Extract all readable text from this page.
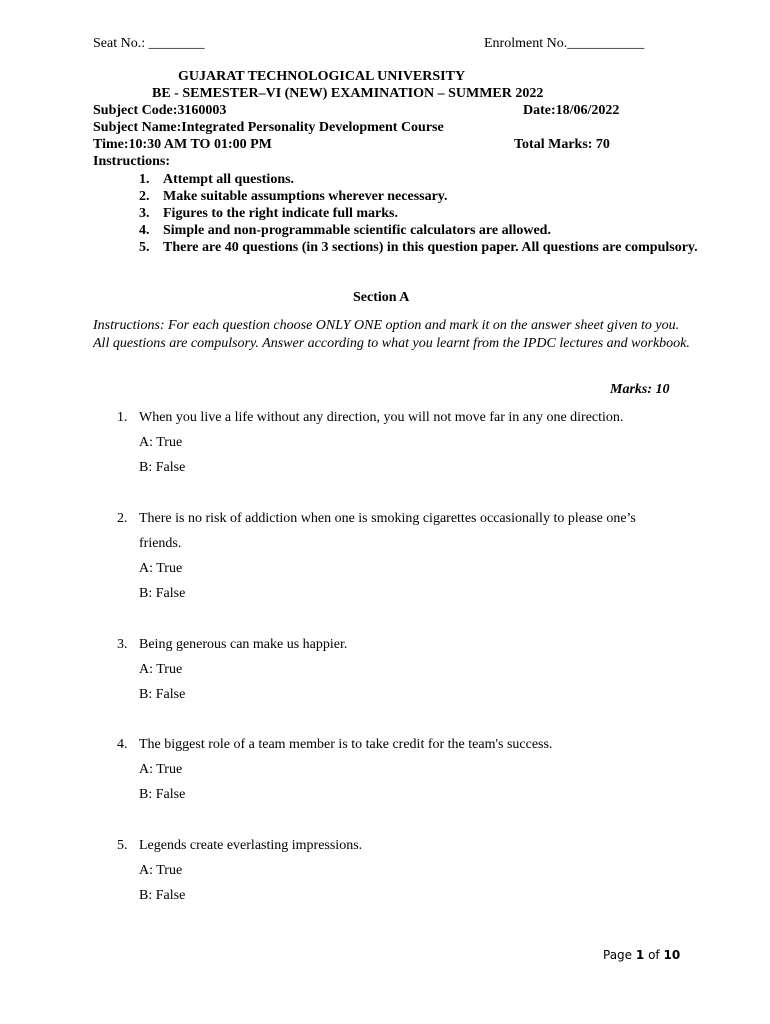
Seat No.: ________	Enrolment No.___________
GUJARAT TECHNOLOGICAL UNIVERSITY
BE - SEMESTER–VI (NEW) EXAMINATION – SUMMER 2022
Subject Code:3160003	Date:18/06/2022
Subject Name:Integrated Personality Development Course
Time:10:30 AM TO 01:00 PM	Total Marks: 70
Instructions:
1. Attempt all questions.
2. Make suitable assumptions wherever necessary.
3. Figures to the right indicate full marks.
4. Simple and non-programmable scientific calculators are allowed.
5. There are 40 questions (in 3 sections) in this question paper. All questions are compulsory.
Section A
Instructions: For each question choose ONLY ONE option and mark it on the answer sheet given to you. All questions are compulsory. Answer according to what you learnt from the IPDC lectures and workbook.
Marks: 10
1. When you live a life without any direction, you will not move far in any one direction.
A: True
B: False
2. There is no risk of addiction when one is smoking cigarettes occasionally to please one’s friends.
A: True
B: False
3. Being generous can make us happier.
A: True
B: False
4. The biggest role of a team member is to take credit for the team's success.
A: True
B: False
5. Legends create everlasting impressions.
A: True
B: False
Page 1 of 10
